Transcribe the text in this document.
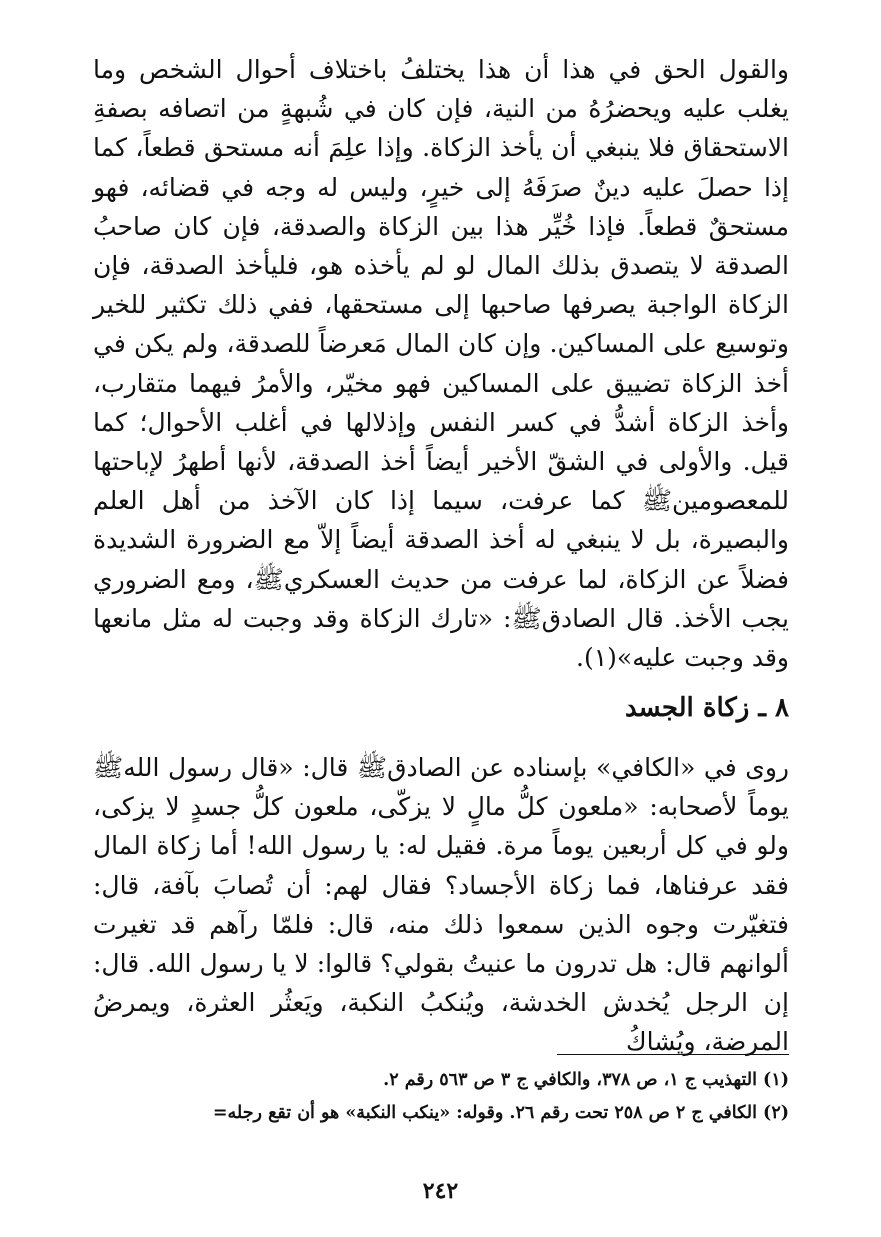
والقول الحق في هذا أن هذا يختلفُ باختلاف أحوال الشخص وما يغلب عليه ويحضرُهُ من النية، فإن كان في شُبهةٍ من اتصافه بصفةِ الاستحقاق فلا ينبغي أن يأخذ الزكاة. وإذا علِمَ أنه مستحق قطعاً، كما إذا حصلَ عليه دينٌ صرَفَهُ إلى خيرٍ، وليس له وجه في قضائه، فهو مستحقٌ قطعاً. فإذا خُيِّر هذا بين الزكاة والصدقة، فإن كان صاحبُ الصدقة لا يتصدق بذلك المال لو لم يأخذه هو، فليأخذ الصدقة، فإن الزكاة الواجبة يصرفها صاحبها إلى مستحقها، ففي ذلك تكثير للخير وتوسيع على المساكين. وإن كان المال مَعرضاً للصدقة، ولم يكن في أخذ الزكاة تضييق على المساكين فهو مخيّر، والأمرُ فيهما متقارب، وأخذ الزكاة أشدُّ في كسر النفس وإذلالها في أغلب الأحوال؛ كما قيل. والأولى في الشقّ الأخير أيضاً أخذ الصدقة، لأنها أطهرُ لإباحتها للمعصومينﷺ كما عرفت، سيما إذا كان الآخذ من أهل العلم والبصيرة، بل لا ينبغي له أخذ الصدقة أيضاً إلاّ مع الضرورة الشديدة فضلاً عن الزكاة، لما عرفت من حديث العسكريﷺ، ومع الضروري يجب الأخذ. قال الصادقﷺ: «تارك الزكاة وقد وجبت له مثل مانعها وقد وجبت عليه»(١).

٨ ـ زكاة الجسد

روى في «الكافي» بإسناده عن الصادقﷺ قال: «قال رسول اللهﷺ يوماً لأصحابه: «ملعون كلُّ مالٍ لا يزكّى، ملعون كلُّ جسدٍ لا يزكى، ولو في كل أربعين يوماً مرة. فقيل له: يا رسول الله! أما زكاة المال فقد عرفناها، فما زكاة الأجساد؟ فقال لهم: أن تُصابَ بآفة، قال: فتغيّرت وجوه الذين سمعوا ذلك منه، قال: فلمّا رآهم قد تغيرت ألوانهم قال: هل تدرون ما عنيتُ بقولي؟ قالوا: لا يا رسول الله. قال: إن الرجل يُخدش الخدشة، ويُنكبُ النكبة، ويَعثُر العثرة، ويمرضُ المرضة، ويُشاكُ

(١) التهذيب ج ١، ص ٣٧٨، والكافي ج ٣ ص ٥٦٣ رقم ٢.
(٢) الكافي ج ٢ ص ٢٥٨ تحت رقم ٢٦. وقوله: «ينكب النكبة» هو أن تقع رجله=
٢٤٢
